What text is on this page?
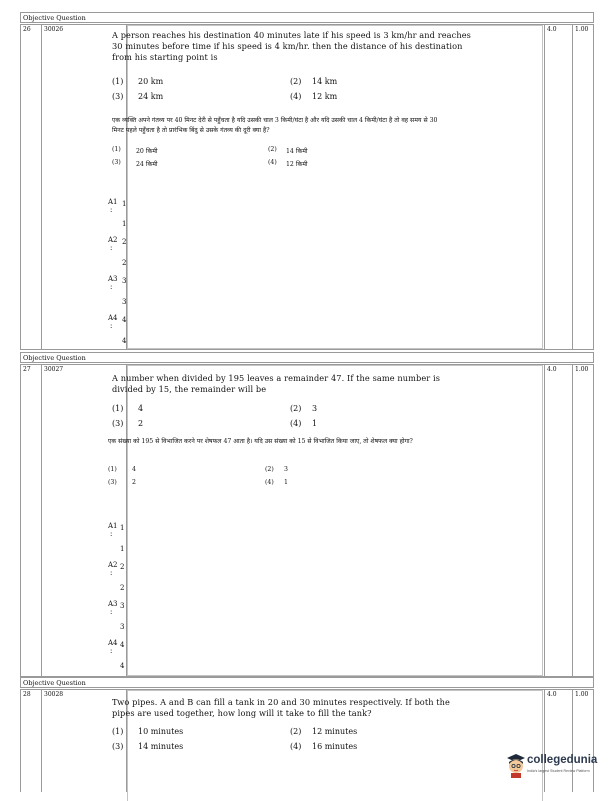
Objective Question
26	30026	4.0	1.00
A person reaches his destination 40 minutes late if his speed is 3 km/hr and reaches 30 minutes before time if his speed is 4 km/hr. then the distance of his destination from his starting point is
(1) 20 km	(2) 14 km
(3) 24 km	(4) 12 km
एक व्यक्ति अपने गंतव्य पर 40 मिनट देरी से पहुँचता है यदि उसकी चाल 3 किमी/घंटा है और यदि उसकी चाल 4 किमी/घंटा है तो वह समय से 30 मिनट पहले पहुँचता है तो प्रारंभिक बिंदु से उसके गंतव्य की दूरी क्या है?
(1) 20 किमी	(2) 14 किमी
(3) 24 किमी	(4) 12 किमी
A1
:
1
1
A2
:
2
2
A3
:
3
3
A4
:
4
4
Objective Question
27	30027	4.0	1.00
A number when divided by 195 leaves a remainder 47. If the same number is divided by 15, the remainder will be
(1) 4	(2) 3
(3) 2	(4) 1
एक संख्या को 195 से विभाजित करने पर शेषफल 47 आता है। यदि उस संख्या को 15 से विभाजित किया जाए, तो शेषफल क्या होगा?
(1) 4	(2) 3
(3) 2	(4) 1
A1
:
1
1
A2
:
2
2
A3
:
3
3
A4
:
4
4
Objective Question
28	30028	4.0	1.00
Two pipes. A and B can fill a tank in 20 and 30 minutes respectively. If both the pipes are used together, how long will it take to fill the tank?
(1) 10 minutes	(2) 12 minutes
(3) 14 minutes	(4) 16 minutes
collegedunia
India's largest Student Review Platform
